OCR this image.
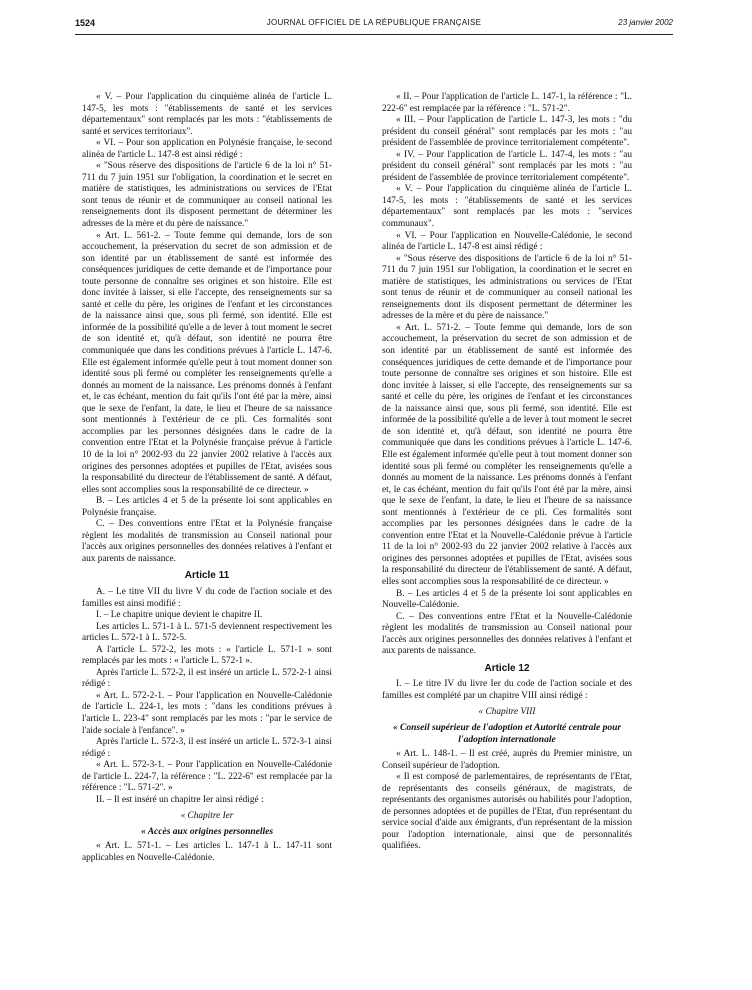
1524	JOURNAL OFFICIEL DE LA RÉPUBLIQUE FRANÇAISE	23 janvier 2002

« V. – Pour l'application du cinquième alinéa de l'article L. 147-5, les mots : "établissements de santé et les services départementaux" sont remplacés par les mots : "établissements de santé et services territoriaux".

« VI. – Pour son application en Polynésie française, le second alinéa de l'article L. 147-8 est ainsi rédigé :

« "Sous réserve des dispositions de l'article 6 de la loi n° 51-711 du 7 juin 1951 sur l'obligation, la coordination et le secret en matière de statistiques, les administrations ou services de l'Etat sont tenus de réunir et de communiquer au conseil national les renseignements dont ils disposent permettant de déterminer les adresses de la mère et du père de naissance."

« Art. L. 561-2. – Toute femme qui demande, lors de son accouchement, la préservation du secret de son admission et de son identité par un établissement de santé est informée des conséquences juridiques de cette demande et de l'importance pour toute personne de connaître ses origines et son histoire. Elle est donc invitée à laisser, si elle l'accepte, des renseignements sur sa santé et celle du père, les origines de l'enfant et les circonstances de la naissance ainsi que, sous pli fermé, son identité. Elle est informée de la possibilité qu'elle a de lever à tout moment le secret de son identité et, qu'à défaut, son identité ne pourra être communiquée que dans les conditions prévues à l'article L. 147-6. Elle est également informée qu'elle peut à tout moment donner son identité sous pli fermé ou compléter les renseignements qu'elle a donnés au moment de la naissance. Les prénoms donnés à l'enfant et, le cas échéant, mention du fait qu'ils l'ont été par la mère, ainsi que le sexe de l'enfant, la date, le lieu et l'heure de sa naissance sont mentionnés à l'extérieur de ce pli. Ces formalités sont accomplies par les personnes désignées dans le cadre de la convention entre l'Etat et la Polynésie française prévue à l'article 10 de la loi n° 2002-93 du 22 janvier 2002 relative à l'accès aux origines des personnes adoptées et pupilles de l'Etat, avisées sous la responsabilité du directeur de l'établissement de santé. A défaut, elles sont accomplies sous la responsabilité de ce directeur. »

B. – Les articles 4 et 5 de la présente loi sont applicables en Polynésie française.

C. – Des conventions entre l'Etat et la Polynésie française règlent les modalités de transmission au Conseil national pour l'accès aux origines personnelles des données relatives à l'enfant et aux parents de naissance.

Article 11

A. – Le titre VII du livre V du code de l'action sociale et des familles est ainsi modifié :

I. – Le chapitre unique devient le chapitre II.

Les articles L. 571-1 à L. 571-5 deviennent respectivement les articles L. 572-1 à L. 572-5.

A l'article L. 572-2, les mots : « l'article L. 571-1 » sont remplacés par les mots : « l'article L. 572-1 ».

Après l'article L. 572-2, il est inséré un article L. 572-2-1 ainsi rédigé :

« Art. L. 572-2-1. – Pour l'application en Nouvelle-Calédonie de l'article L. 224-1, les mots : "dans les conditions prévues à l'article L. 223-4" sont remplacés par les mots : "par le service de l'aide sociale à l'enfance". »

Après l'article L. 572-3, il est inséré un article L. 572-3-1 ainsi rédigé :

« Art. L. 572-3-1. – Pour l'application en Nouvelle-Calédonie de l'article L. 224-7, la référence : "L. 222-6" est remplacée par la référence : "L. 571-2". »

II. – Il est inséré un chapitre Ier ainsi rédigé :

« Chapitre Ier
« Accès aux origines personnelles

« Art. L. 571-1. – Les articles L. 147-1 à L. 147-11 sont applicables en Nouvelle-Calédonie.

« II. – Pour l'application de l'article L. 147-1, la référence : "L. 222-6" est remplacée par la référence : "L. 571-2".

« III. – Pour l'application de l'article L. 147-3, les mots : "du président du conseil général" sont remplacés par les mots : "au président de l'assemblée de province territorialement compétente".

« IV. – Pour l'application de l'article L. 147-4, les mots : "au président du conseil général" sont remplacés par les mots : "au président de l'assemblée de province territorialement compétente".

« V. – Pour l'application du cinquième alinéa de l'article L. 147-5, les mots : "établissements de santé et les services départementaux" sont remplacés par les mots : "services communaux".

« VI. – Pour l'application en Nouvelle-Calédonie, le second alinéa de l'article L. 147-8 est ainsi rédigé :

« "Sous réserve des dispositions de l'article 6 de la loi n° 51-711 du 7 juin 1951 sur l'obligation, la coordination et le secret en matière de statistiques, les administrations ou services de l'Etat sont tenus de réunir et de communiquer au conseil national les renseignements dont ils disposent permettant de déterminer les adresses de la mère et du père de naissance."

« Art. L. 571-2. – Toute femme qui demande, lors de son accouchement, la préservation du secret de son admission et de son identité par un établissement de santé est informée des conséquences juridiques de cette demande et de l'importance pour toute personne de connaître ses origines et son histoire. Elle est donc invitée à laisser, si elle l'accepte, des renseignements sur sa santé et celle du père, les origines de l'enfant et les circonstances de la naissance ainsi que, sous pli fermé, son identité. Elle est informée de la possibilité qu'elle a de lever à tout moment le secret de son identité et, qu'à défaut, son identité ne pourra être communiquée que dans les conditions prévues à l'article L. 147-6. Elle est également informée qu'elle peut à tout moment donner son identité sous pli fermé ou compléter les renseignements qu'elle a donnés au moment de la naissance. Les prénoms donnés à l'enfant et, le cas échéant, mention du fait qu'ils l'ont été par la mère, ainsi que le sexe de l'enfant, la date, le lieu et l'heure de sa naissance sont mentionnés à l'extérieur de ce pli. Ces formalités sont accomplies par les personnes désignées dans le cadre de la convention entre l'Etat et la Nouvelle-Calédonie prévue à l'article 11 de la loi n° 2002-93 du 22 janvier 2002 relative à l'accès aux origines des personnes adoptées et pupilles de l'Etat, avisées sous la responsabilité du directeur de l'établissement de santé. A défaut, elles sont accomplies sous la responsabilité de ce directeur. »

B. – Les articles 4 et 5 de la présente loi sont applicables en Nouvelle-Calédonie.

C. – Des conventions entre l'Etat et la Nouvelle-Calédonie règlent les modalités de transmission au Conseil national pour l'accès aux origines personnelles des données relatives à l'enfant et aux parents de naissance.

Article 12

I. – Le titre IV du livre Ier du code de l'action sociale et des familles est complété par un chapitre VIII ainsi rédigé :

« Chapitre VIII
« Conseil supérieur de l'adoption et Autorité centrale pour l'adoption internationale

« Art. L. 148-1. – Il est créé, auprès du Premier ministre, un Conseil supérieur de l'adoption.

« Il est composé de parlementaires, de représentants de l'Etat, de représentants des conseils généraux, de magistrats, de représentants des organismes autorisés ou habilités pour l'adoption, de personnes adoptées et de pupilles de l'Etat, d'un représentant du service social d'aide aux émigrants, d'un représentant de la mission pour l'adoption internationale, ainsi que de personnalités qualifiées.
